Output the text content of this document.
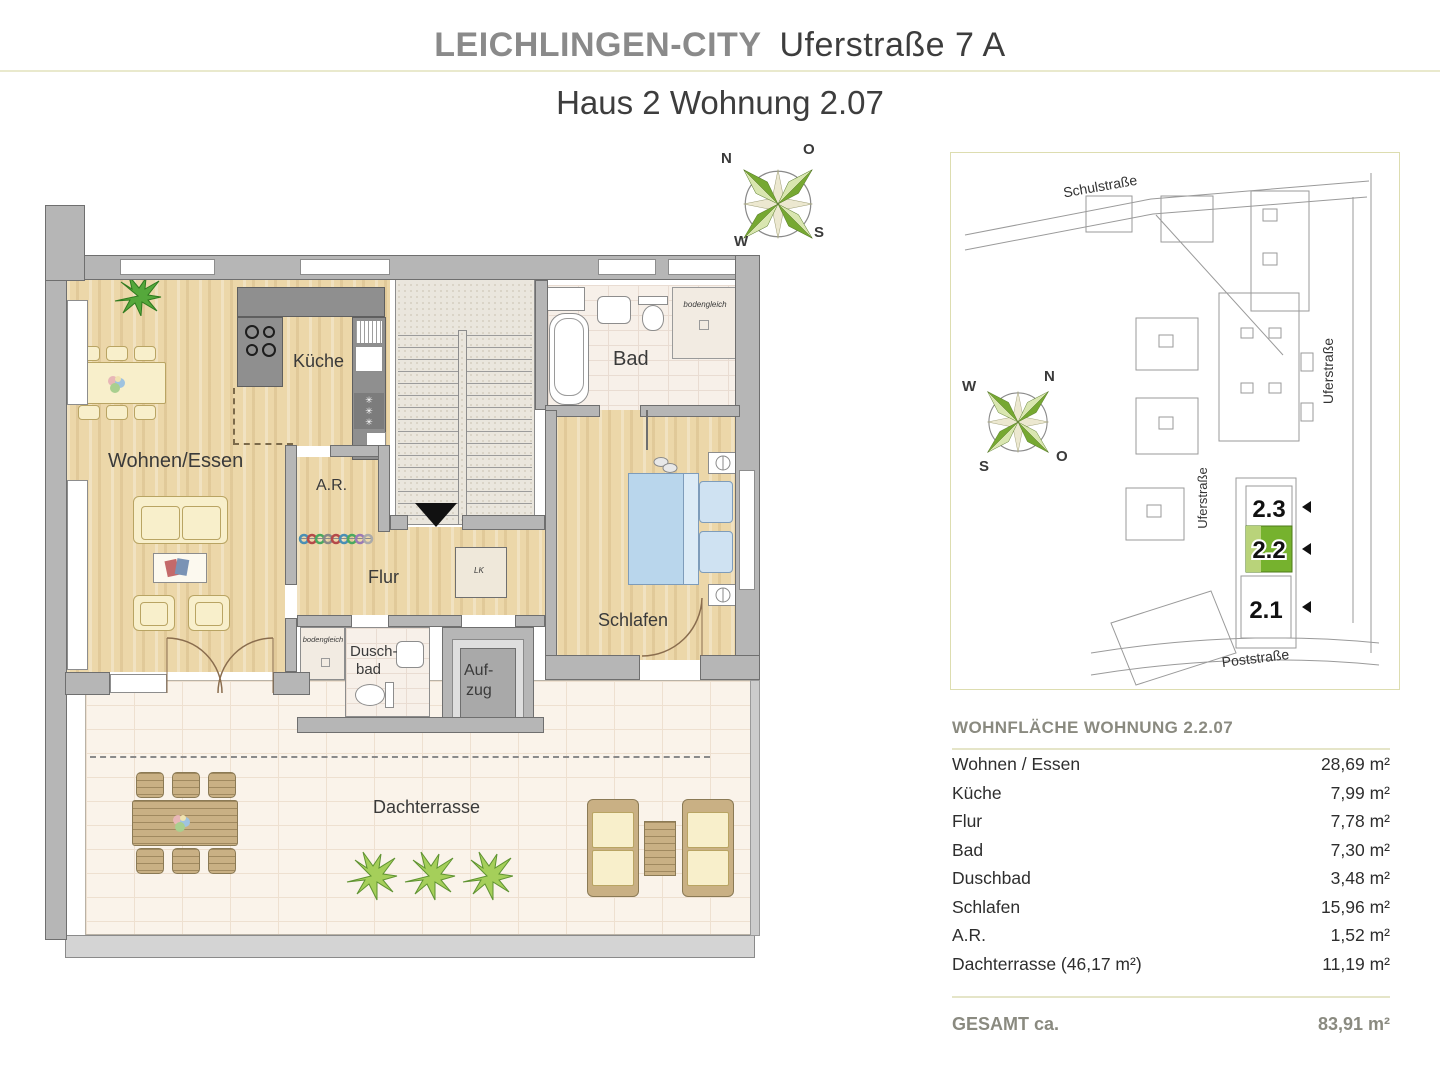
LEICHLINGEN-CITY Uferstraße 7 A
Haus 2 Wohnung 2.07
N
O
W
S
Dachterrasse
✳
✳
✳
bodengleich
LK
bodengleich
Wohnen/Essen
Küche
A.R.
Flur
Bad
Schlafen
Dusch-
bad	Auf-
zug
Schulstraße
Uferstraße
Uferstraße
Poststraße
2.3
2.2
2.1
W
N
S
O
WOHNFLÄCHE WOHNUNG 2.2.07
Wohnen / Essen	28,69 m²
Küche	7,99 m²
Flur	7,78 m²
Bad	7,30 m²
Duschbad	3,48 m²
Schlafen	15,96 m²
A.R.	1,52 m²
Dachterrasse (46,17 m²)	11,19 m²
GESAMT ca.	83,91 m²
